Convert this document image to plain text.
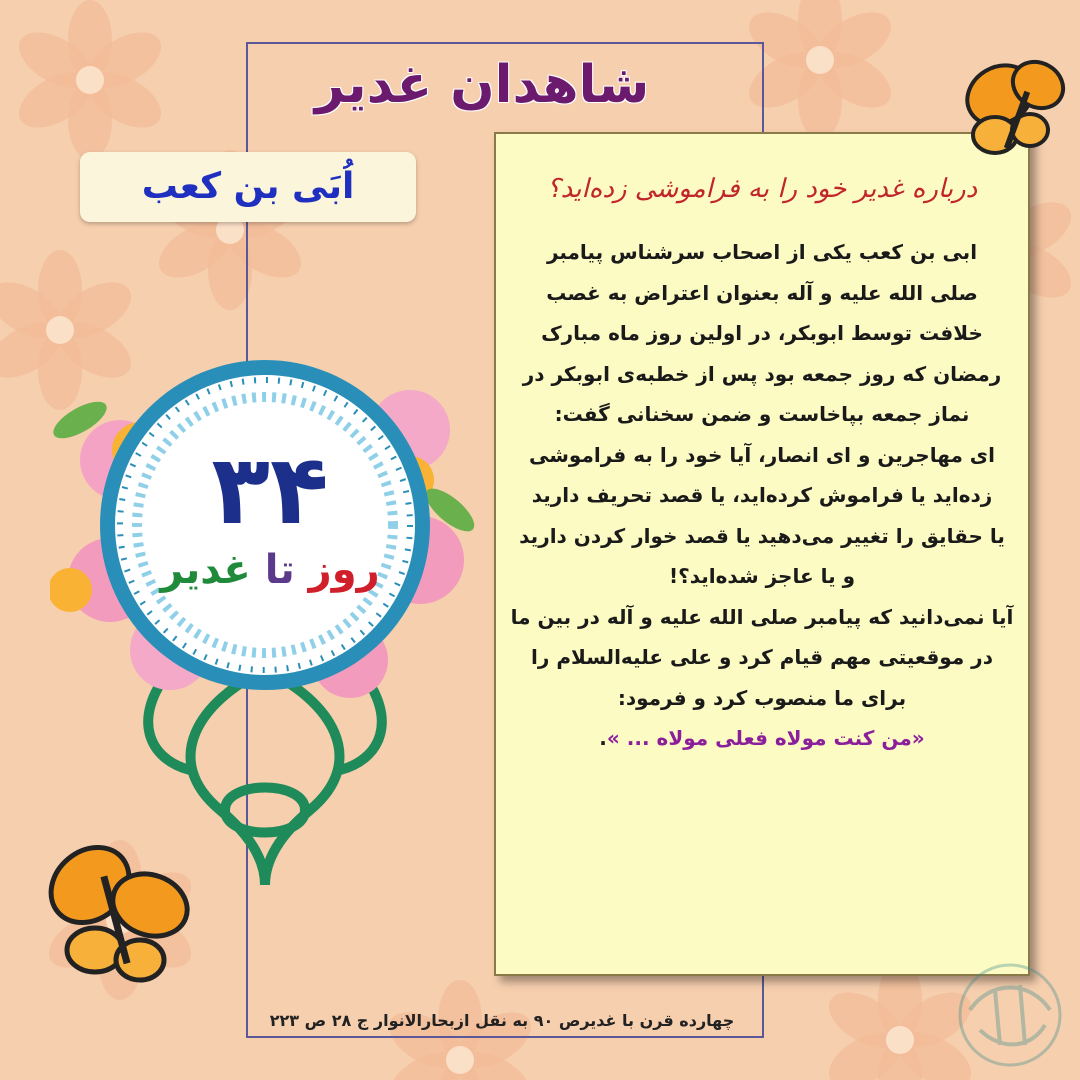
شاهدان غدیر
اُبَی بن کعب
۳۴
روز تا غدیر
درباره غدیر خود را به فراموشی زده‌اید؟
ابی بن کعب یکی از اصحاب سرشناس پیامبر
صلی الله علیه و آله بعنوان اعتراض به غصب
خلافت توسط ابوبکر، در اولین روز ماه مبارک
رمضان که روز جمعه بود پس از خطبه‌ی ابوبکر در
نماز جمعه بپاخاست و ضمن سخنانی گفت:
ای مهاجرین و ای انصار، آیا خود را به فراموشی
زده‌اید یا فراموش کرده‌اید، یا قصد تحریف دارید
یا حقایق را تغییر می‌دهید یا قصد خوار کردن دارید
و یا عاجز شده‌اید؟!
آیا نمی‌دانید که پیامبر صلی الله علیه و آله در بین ما
در موقعیتی مهم قیام کرد و علی علیه‌السلام را
برای ما منصوب کرد و فرمود:
«من کنت مولاه فعلی مولاه ... ».
چهارده قرن با غدیرص ۹۰ به نقل ازبحارالانوار ج ۲۸ ص ۲۲۳
